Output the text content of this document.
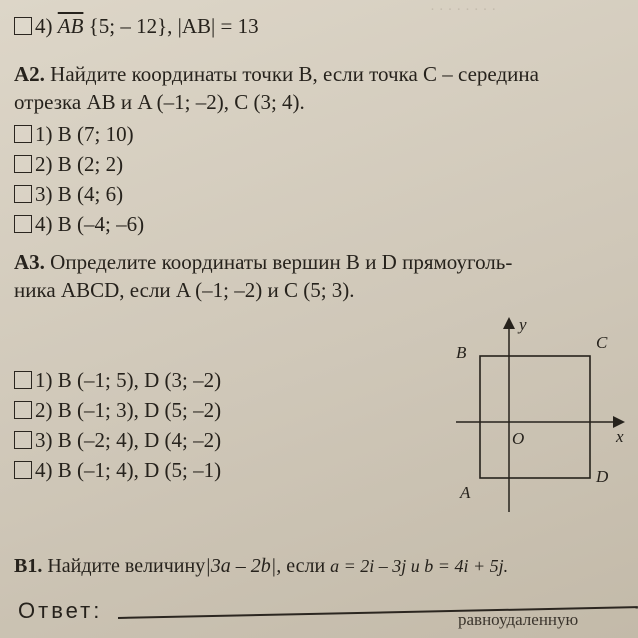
· · · · · · · ·
4) $\overline{AB}$ {5; – 12}, |AB| = 13
A2. Найдите координаты точки B, если точка C – середина
отрезка AB и A (–1; –2), C (3; 4).
1) B (7; 10)
2) B (2; 2)
3) B (4; 6)
4) B (–4; –6)
A3. Определите координаты вершин B и D прямоуголь-
ника ABCD, если A (–1; –2) и C (5; 3).
1) B (–1; 5), D (3; –2)
2) B (–1; 3), D (5; –2)
3) B (–2; 4), D (4; –2)
4) B (–1; 4), D (5; –1)
y
x
O
B
C
D
A
B1. Найдите величину|3a – 2b|, если a = 2i – 3j и b = 4i + 5j.
Ответ:	равноудаленную
